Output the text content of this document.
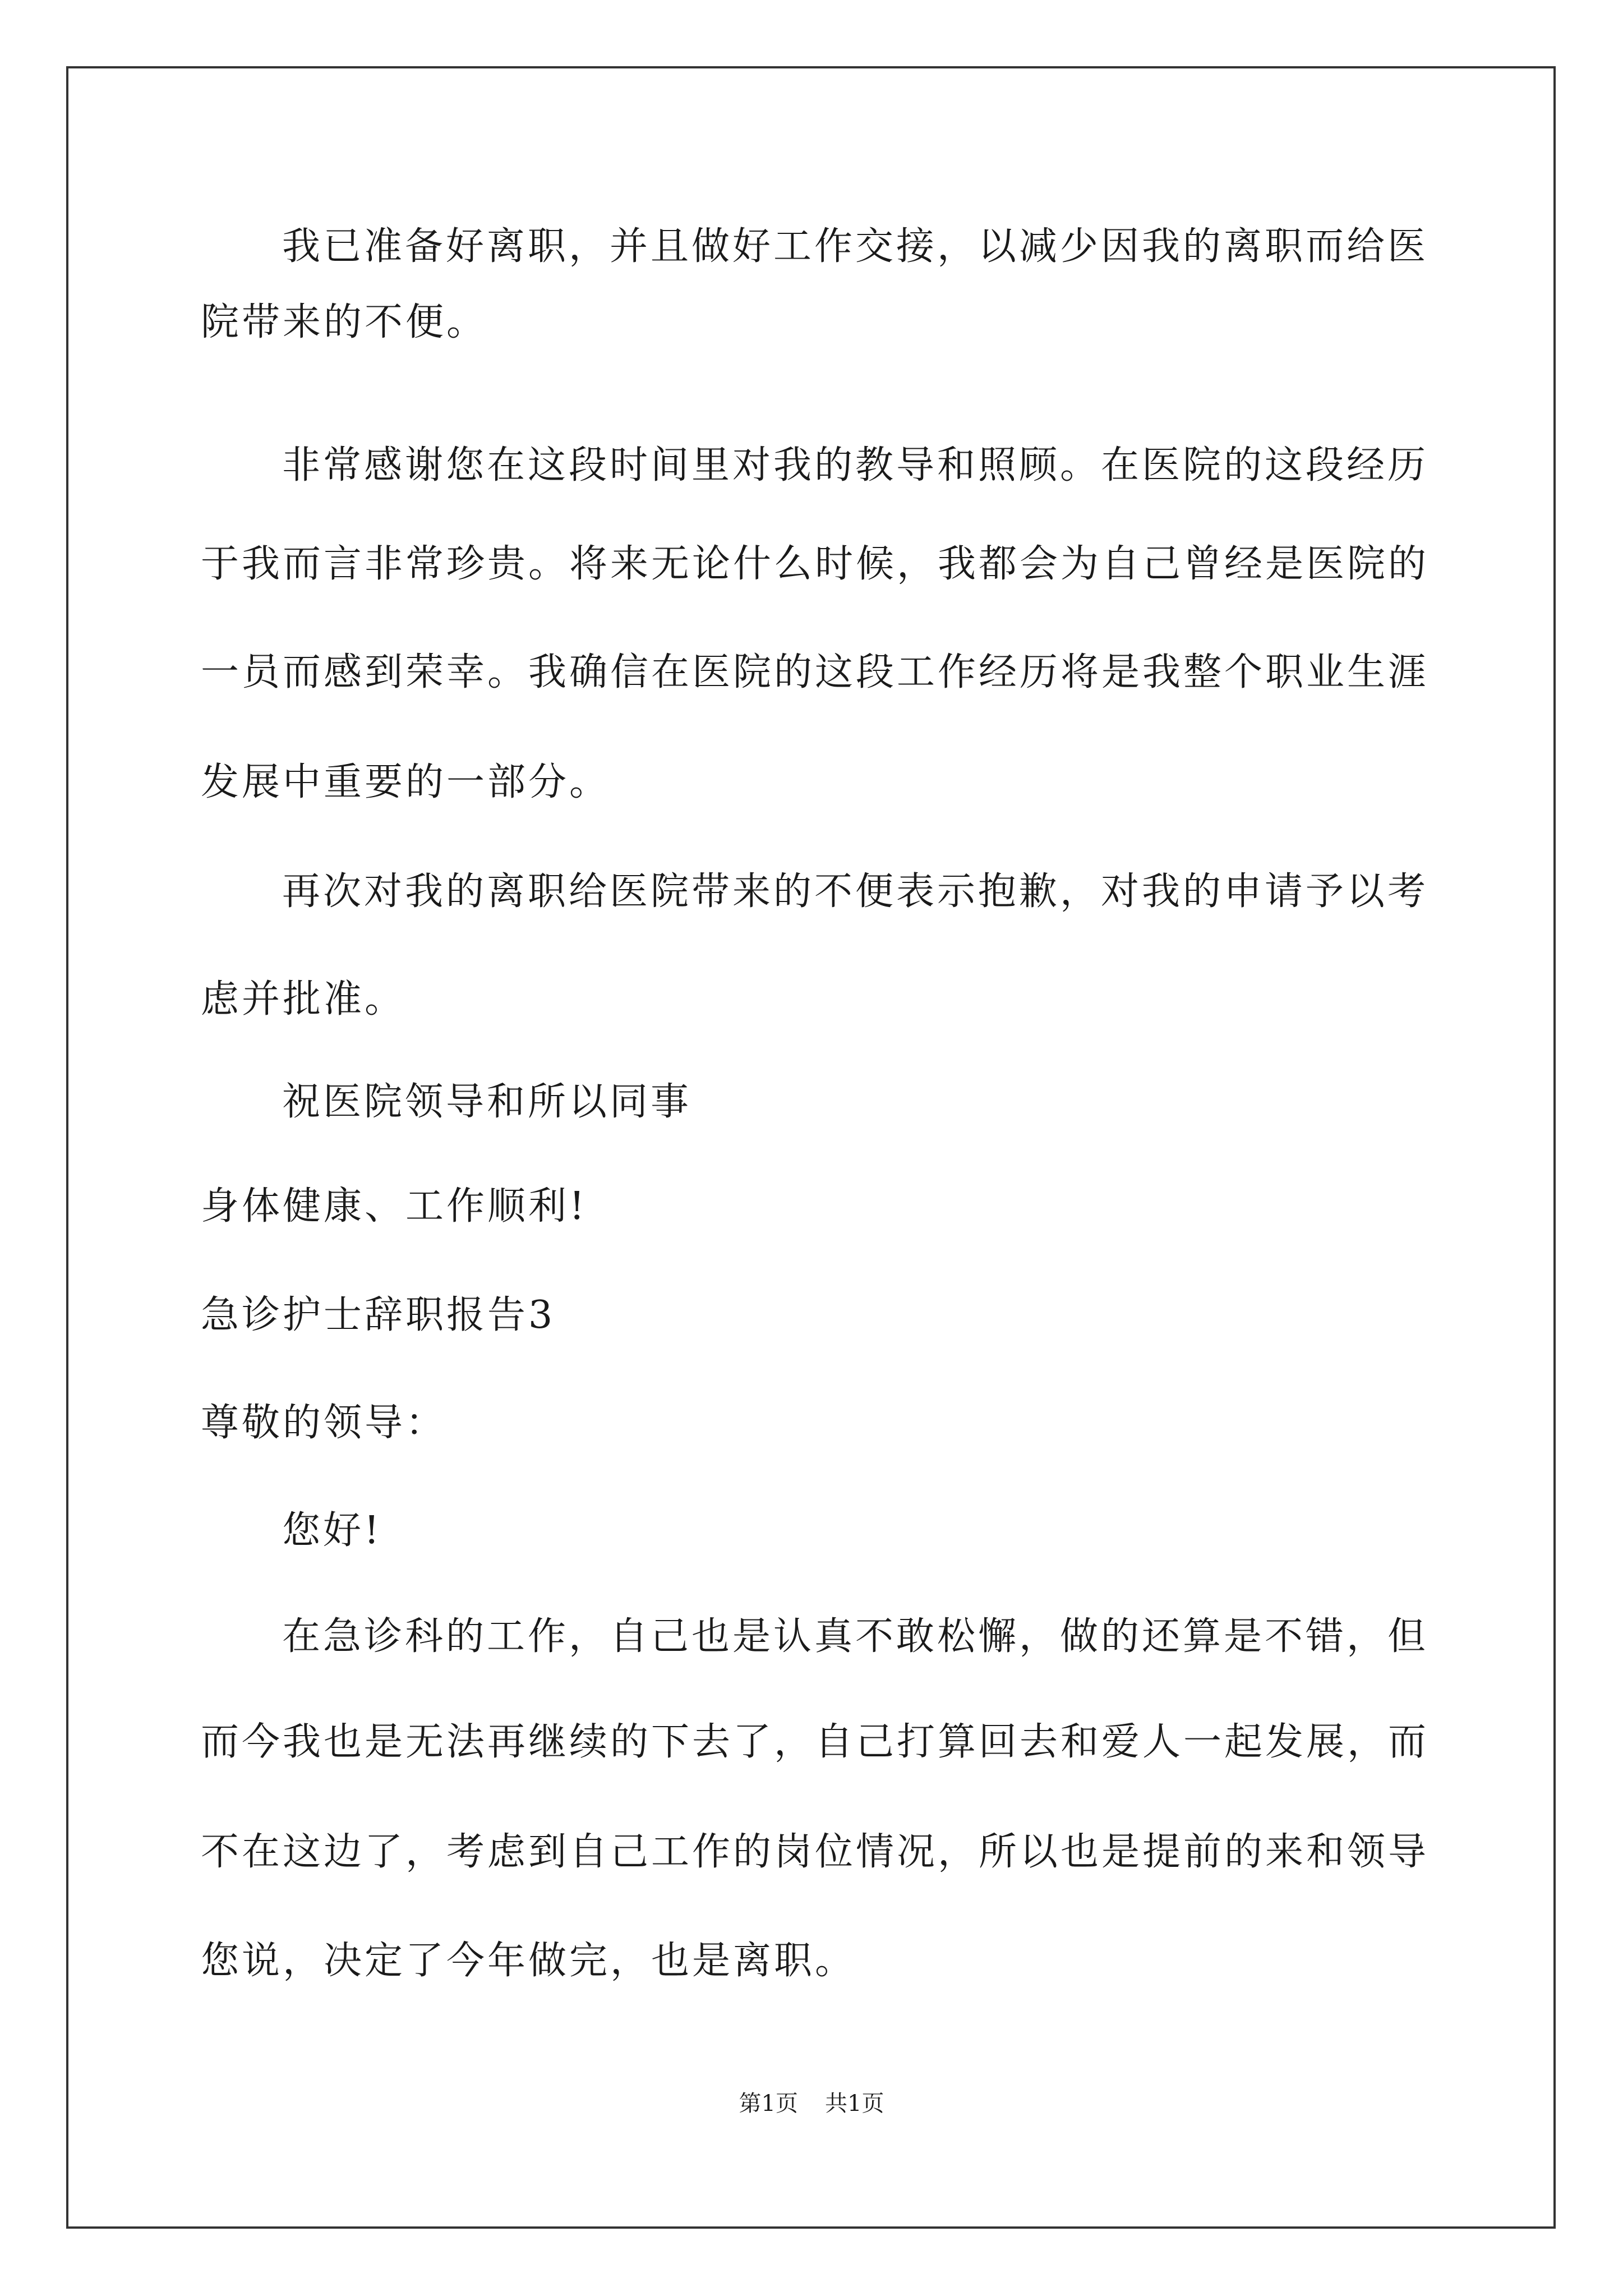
我已准备好离职，并且做好工作交接，以减少因我的离职而给医
院带来的不便。
非常感谢您在这段时间里对我的教导和照顾。在医院的这段经历
于我而言非常珍贵。将来无论什么时候，我都会为自己曾经是医院的
一员而感到荣幸。我确信在医院的这段工作经历将是我整个职业生涯
发展中重要的一部分。
再次对我的离职给医院带来的不便表示抱歉，对我的申请予以考
虑并批准。
祝医院领导和所以同事
身体健康、工作顺利!
急诊护士辞职报告3
尊敬的领导：
您好!
在急诊科的工作，自己也是认真不敢松懈，做的还算是不错，但
而今我也是无法再继续的下去了，自己打算回去和爱人一起发展，而
不在这边了，考虑到自己工作的岗位情况，所以也是提前的来和领导
您说，决定了今年做完，也是离职。
第1页 共1页
